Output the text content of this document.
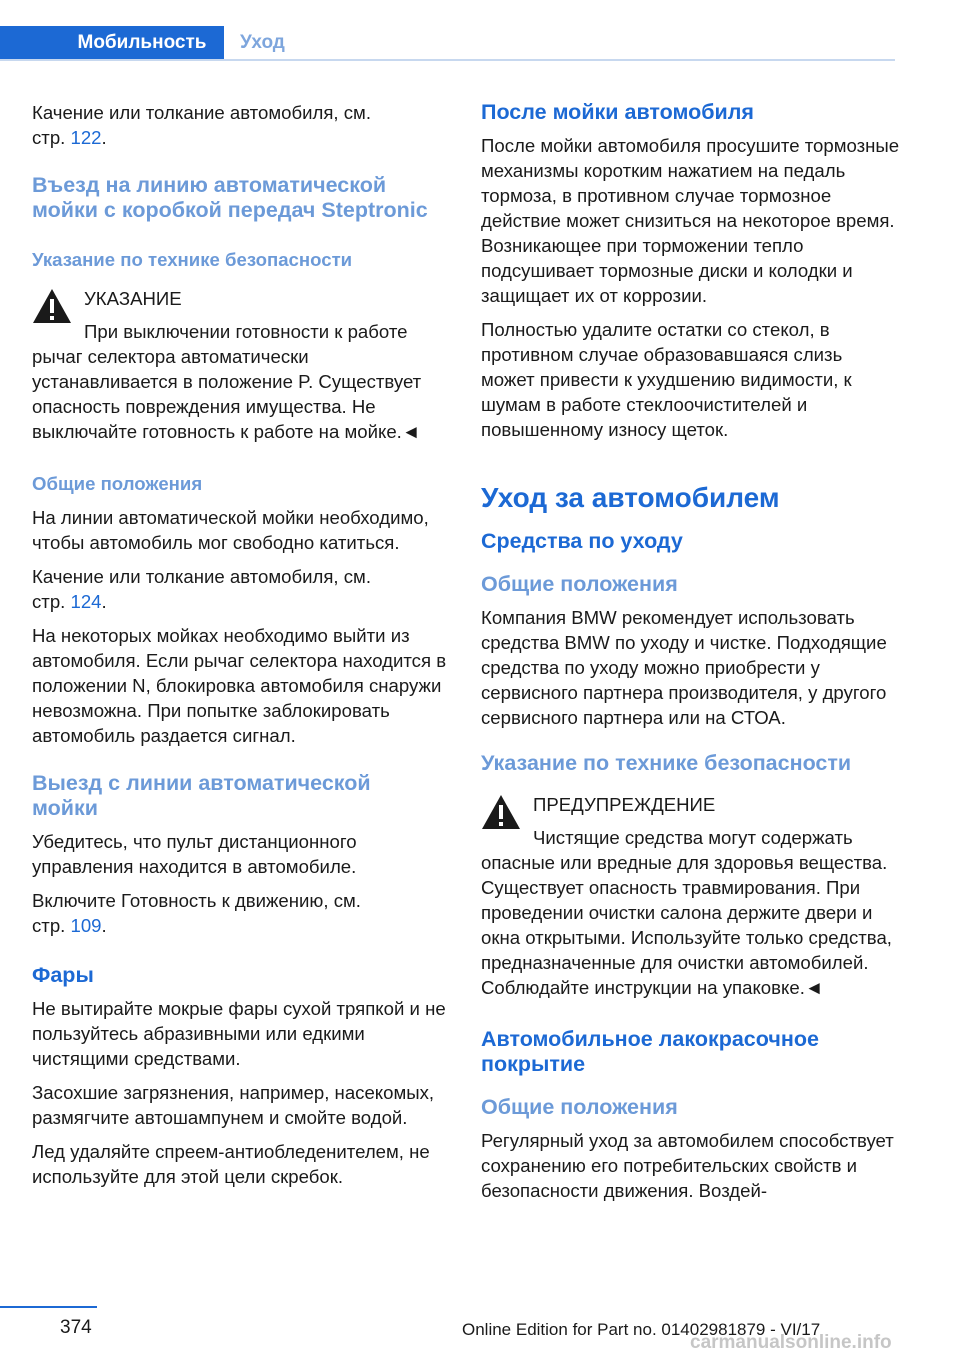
Мобильность	Уход

Качение или толкание автомобиля, см.
стр. 122.

Въезд на линию автоматической мойки с коробкой передач Steptronic
Указание по технике безопасности
УКАЗАНИЕ

При выключении готовности к работе
рычаг селектора автоматически устанавливается в положение P. Существует опасность повреждения имущества. Не выключайте готовность к работе на мойке.◄

Общие положения

На линии автоматической мойки необходимо, чтобы автомобиль мог свободно катиться.

Качение или толкание автомобиля, см.
стр. 124.

На некоторых мойках необходимо выйти из автомобиля. Если рычаг селектора находится в положении N, блокировка автомобиля снаружи невозможна. При попытке заблокировать автомобиль раздается сигнал.

Выезд с линии автоматической мойки

Убедитесь, что пульт дистанционного управления находится в автомобиле.

Включите Готовность к движению, см.
стр. 109.

Фары

Не вытирайте мокрые фары сухой тряпкой и не пользуйтесь абразивными или едкими чистящими средствами.

Засохшие загрязнения, например, насекомых, размягчите автошампунем и смойте водой.

Лед удаляйте спреем-антиобледенителем, не используйте для этой цели скребок.

После мойки автомобиля

После мойки автомобиля просушите тормозные механизмы коротким нажатием на педаль тормоза, в противном случае тормозное действие может снизиться на некоторое время. Возникающее при торможении тепло подсушивает тормозные диски и колодки и защищает их от коррозии.

Полностью удалите остатки со стекол, в противном случае образовавшаяся слизь может привести к ухудшению видимости, к шумам в работе стеклоочистителей и повышенному износу щеток.

Уход за автомобилем
Средства по уходу
Общие положения

Компания BMW рекомендует использовать средства BMW по уходу и чистке. Подходящие средства по уходу можно приобрести у сервисного партнера производителя, у другого сервисного партнера или на СТОА.

Указание по технике безопасности
ПРЕДУПРЕЖДЕНИЕ

Чистящие средства могут содержать
опасные или вредные для здоровья вещества. Существует опасность травмирования. При проведении очистки салона держите двери и окна открытыми. Используйте только средства, предназначенные для очистки автомобилей. Соблюдайте инструкции на упаковке.◄

Автомобильное лакокрасочное покрытие
Общие положения

Регулярный уход за автомобилем способствует сохранению его потребительских свойств и безопасности движения. Воздей-

374	Online Edition for Part no. 01402981879 - VI/17
carmanualsonline.info
